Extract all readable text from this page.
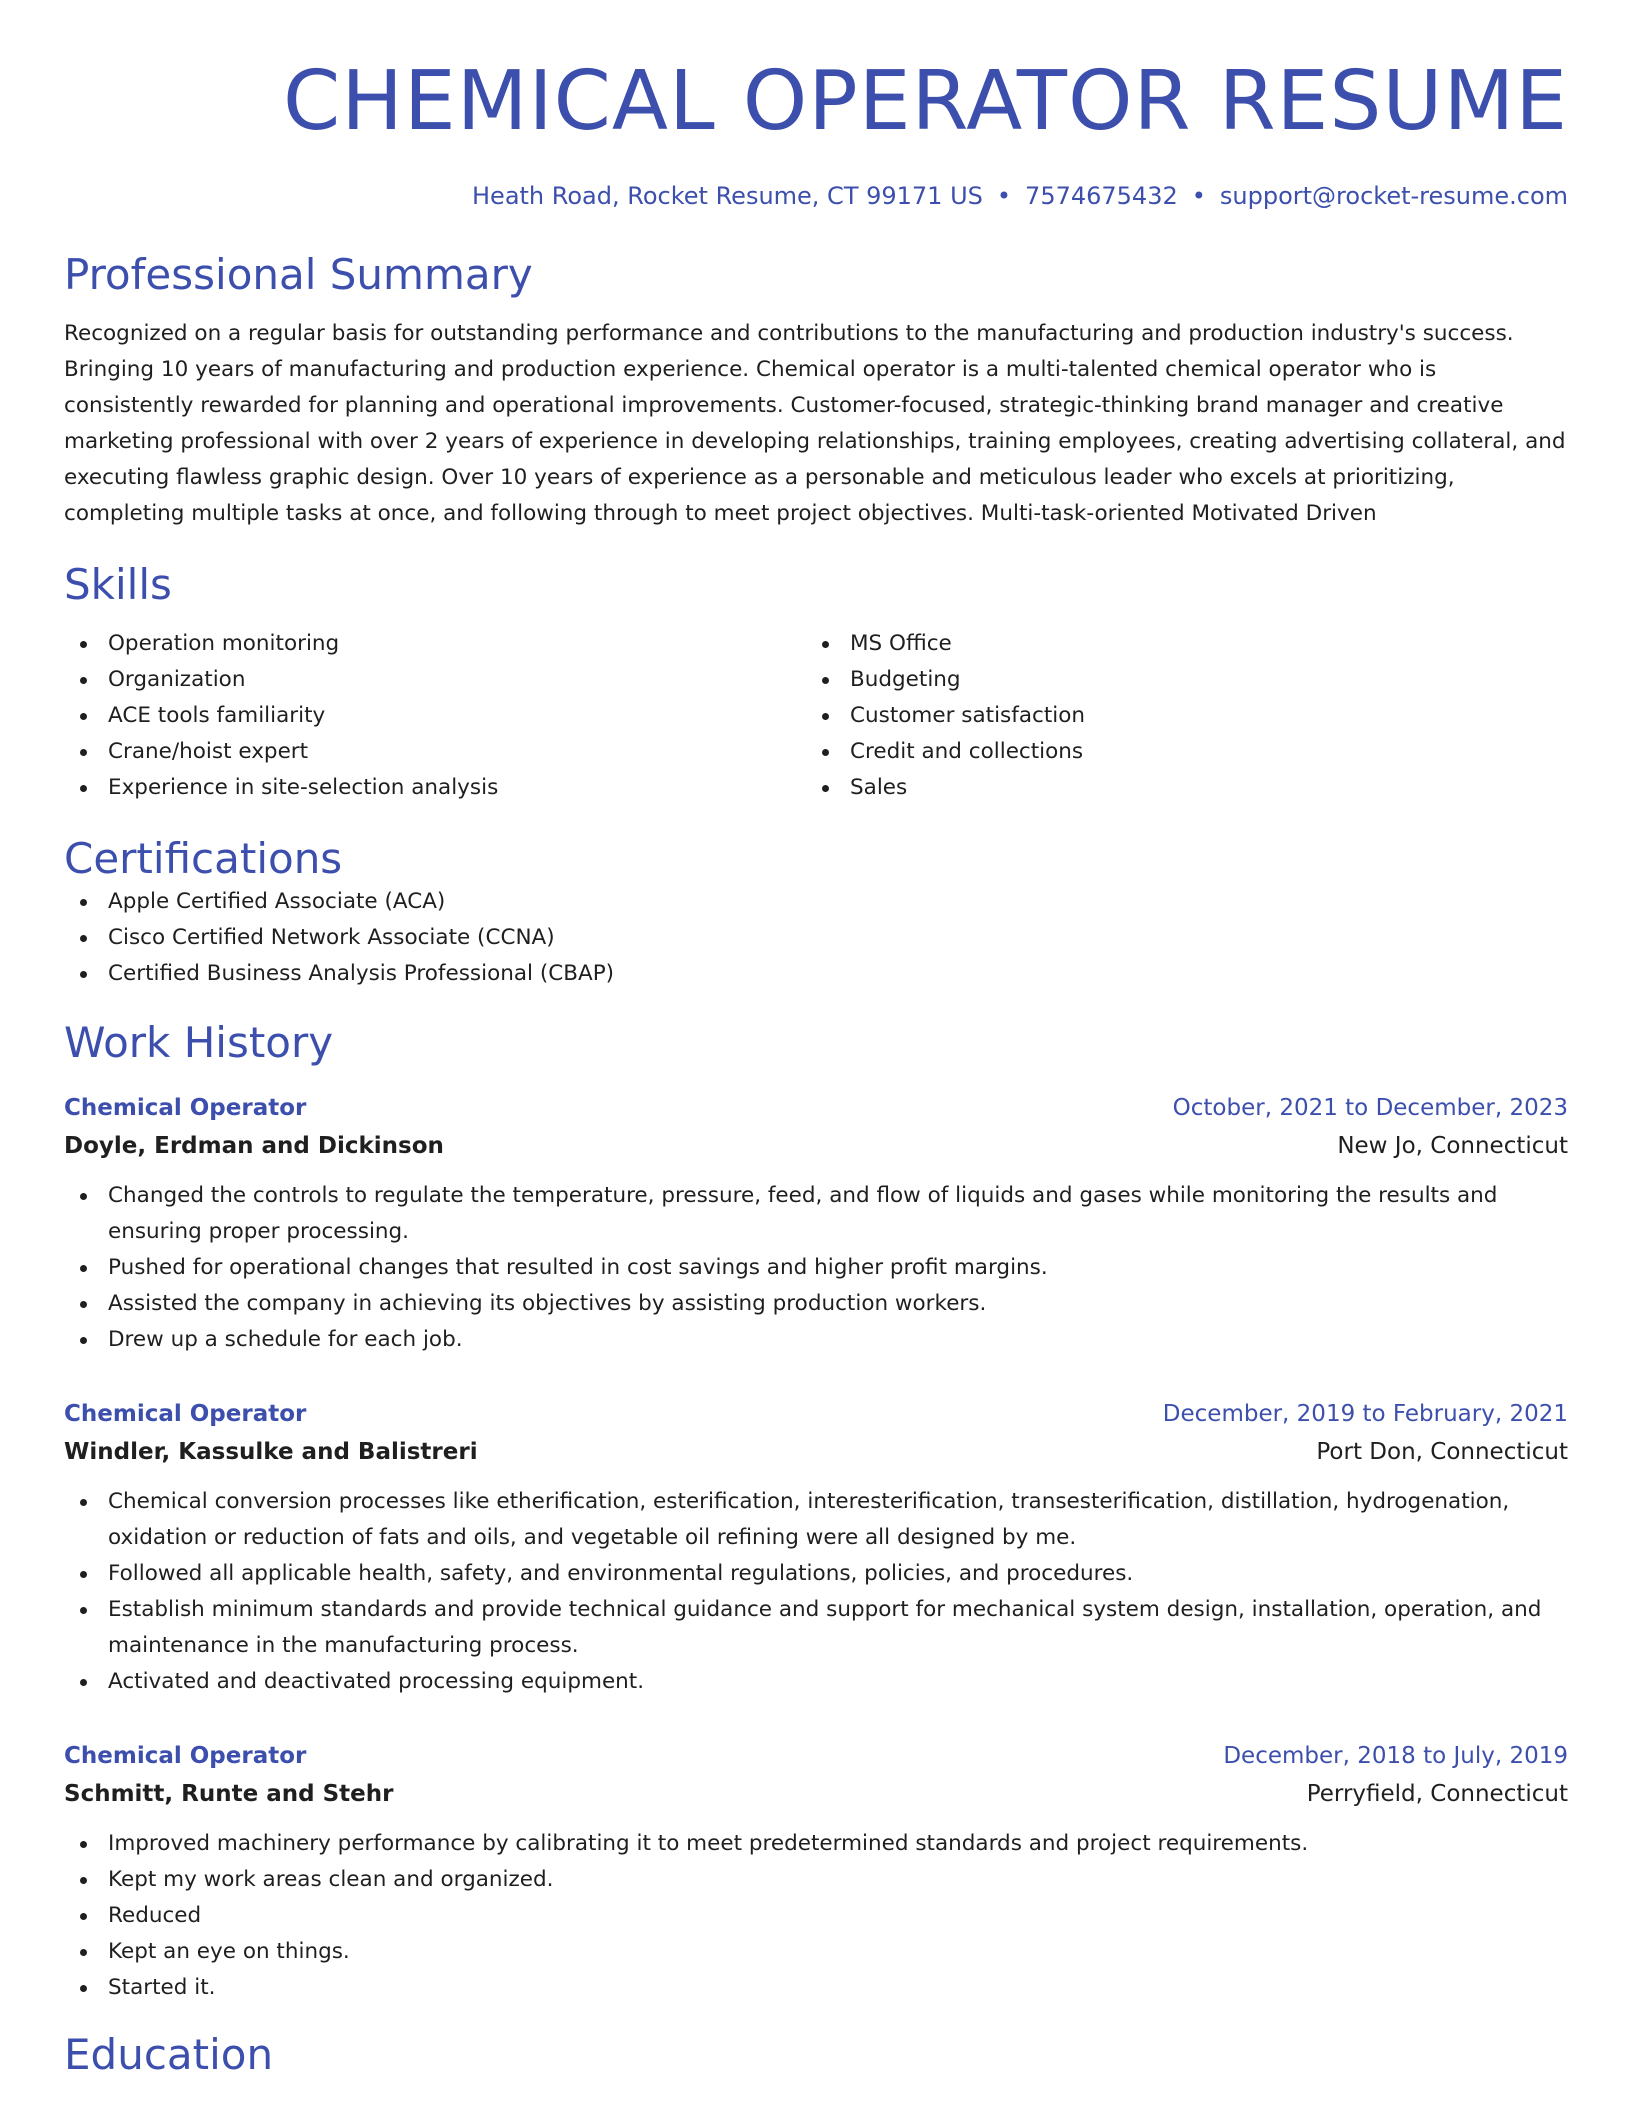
CHEMICAL OPERATOR RESUME
Heath Road, Rocket Resume, CT 99171 US • 7574675432 • support@rocket-resume.com
Professional Summary

Recognized on a regular basis for outstanding performance and contributions to the manufacturing and production industry's success. Bringing 10 years of manufacturing and production experience. Chemical operator is a multi-talented chemical operator who is consistently rewarded for planning and operational improvements. Customer-focused, strategic-thinking brand manager and creative marketing professional with over 2 years of experience in developing relationships, training employees, creating advertising collateral, and executing flawless graphic design. Over 10 years of experience as a personable and meticulous leader who excels at prioritizing, completing multiple tasks at once, and following through to meet project objectives. Multi-task-oriented Motivated Driven

Skills
Operation monitoring
Organization
ACE tools familiarity
Crane/hoist expert
Experience in site-selection analysis
MS Office
Budgeting
Customer satisfaction
Credit and collections
Sales
Certifications
Apple Certified Associate (ACA)
Cisco Certified Network Associate (CCNA)
Certified Business Analysis Professional (CBAP)
Work History
Chemical Operator	October, 2021 to December, 2023
Doyle, Erdman and Dickinson	New Jo, Connecticut
Changed the controls to regulate the temperature, pressure, feed, and flow of liquids and gases while monitoring the results and ensuring proper processing.
Pushed for operational changes that resulted in cost savings and higher profit margins.
Assisted the company in achieving its objectives by assisting production workers.
Drew up a schedule for each job.
Chemical Operator	December, 2019 to February, 2021
Windler, Kassulke and Balistreri	Port Don, Connecticut
Chemical conversion processes like etherification, esterification, interesterification, transesterification, distillation, hydrogenation, oxidation or reduction of fats and oils, and vegetable oil refining were all designed by me.
Followed all applicable health, safety, and environmental regulations, policies, and procedures.
Establish minimum standards and provide technical guidance and support for mechanical system design, installation, operation, and maintenance in the manufacturing process.
Activated and deactivated processing equipment.
Chemical Operator	December, 2018 to July, 2019
Schmitt, Runte and Stehr	Perryfield, Connecticut
Improved machinery performance by calibrating it to meet predetermined standards and project requirements.
Kept my work areas clean and organized.
Reduced
Kept an eye on things.
Started it.
Education
